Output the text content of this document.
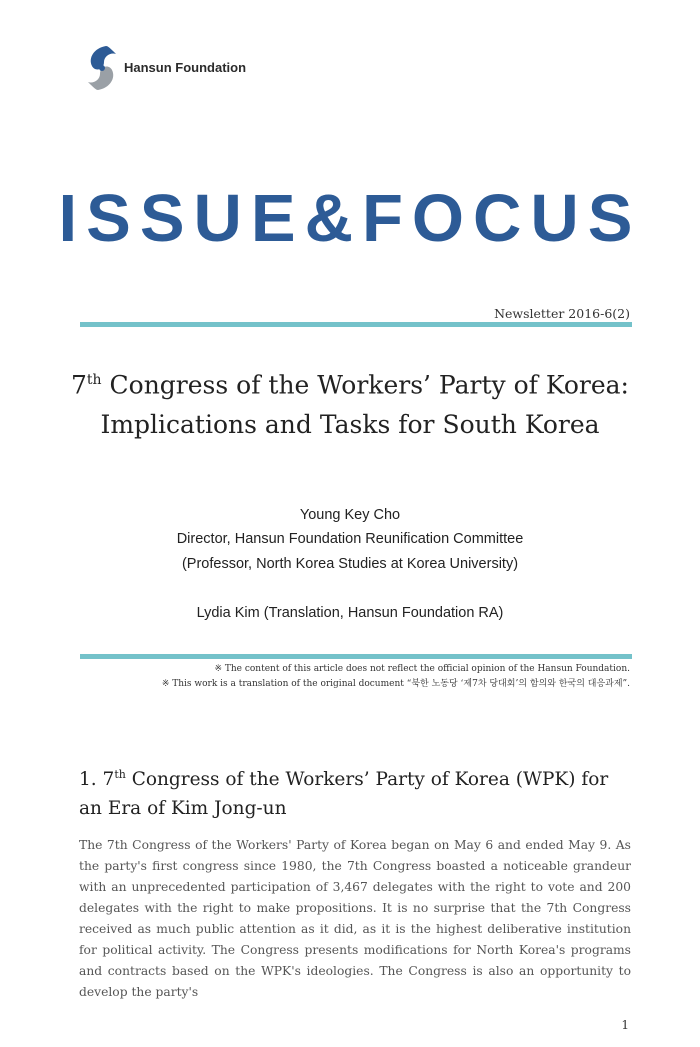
Hansun Foundation
ISSUE&FOCUS
Newsletter 2016-6(2)
7th Congress of the Workers’ Party of Korea:
Implications and Tasks for South Korea
Young Key Cho
Director, Hansun Foundation Reunification Committee
(Professor, North Korea Studies at Korea University)
Lydia Kim (Translation, Hansun Foundation RA)
※ The content of this article does not reflect the official opinion of the Hansun Foundation.
※ This work is a translation of the original document “북한 노동당 ‘제7차 당대회’의 함의와 한국의 대응과제”.
1. 7th Congress of the Workers’ Party of Korea (WPK) for an Era of Kim Jong-un
The 7th Congress of the Workers' Party of Korea began on May 6 and ended May 9. As the party's first congress since 1980, the 7th Congress boasted a noticeable grandeur with an unprecedented participation of 3,467 delegates with the right to vote and 200 delegates with the right to make propositions. It is no surprise that the 7th Congress received as much public attention as it did, as it is the highest deliberative institution for political activity. The Congress presents modifications for North Korea's programs and contracts based on the WPK's ideologies. The Congress is also an opportunity to develop the party's
1
